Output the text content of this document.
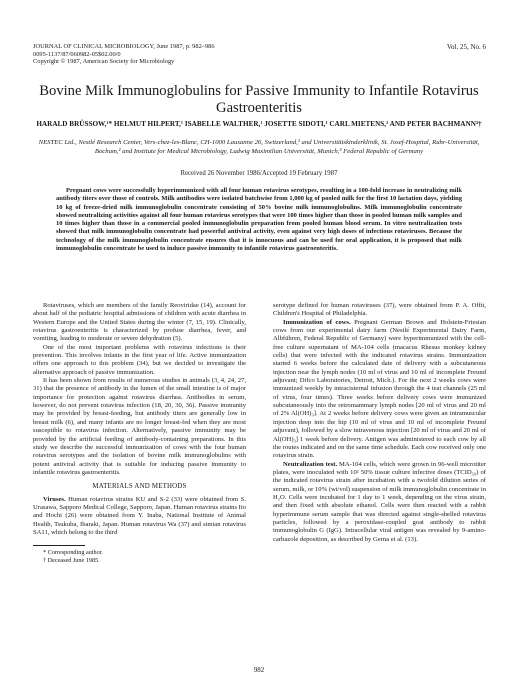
JOURNAL OF CLINICAL MICROBIOLOGY, June 1987, p. 982–986
0095-1137/87/060982-05$02.00/0
Copyright © 1987, American Society for Microbiology
Vol. 25, No. 6
Bovine Milk Immunoglobulins for Passive Immunity to Infantile Rotavirus Gastroenteritis
HARALD BRÜSSOW,¹* HELMUT HILPERT,¹ ISABELLE WALTHER,¹ JOSETTE SIDOTI,¹ CARL MIETENS,² AND PETER BACHMANN³†
NESTEC Ltd., Nestlé Research Center, Vers-chez-les-Blanc, CH-1000 Lausanne 26, Switzerland,¹ and Universitätskinderklinik, St. Josef-Hospital, Ruhr-Universität, Bochum,² and Institute for Medical Microbiology, Ludwig Maximilian Universität, Munich,³ Federal Republic of Germany
Received 26 November 1986/Accepted 19 February 1987

Pregnant cows were successfully hyperimmunized with all four human rotavirus serotypes, resulting in a 100-fold increase in neutralizing milk antibody titers over those of controls. Milk antibodies were isolated batchwise from 1,000 kg of pooled milk for the first 10 lactation days, yielding 10 kg of freeze-dried milk immunoglobulin concentrate consisting of 50% bovine milk immunoglobulins. Milk immunoglobulin concentrate showed neutralizing activities against all four human rotavirus serotypes that were 100 times higher than those in pooled human milk samples and 10 times higher than those in a commercial pooled immunoglobulin preparation from pooled human blood serum. In vitro neutralization tests showed that milk immunoglobulin concentrate had powerful antiviral activity, even against very high doses of infectious rotaviruses. Because the technology of the milk immunoglobulin concentrate ensures that it is innocuous and can be used for oral application, it is proposed that milk immunoglobulin concentrate be used to induce passive immunity to infantile rotavirus gastroenteritis.

Rotaviruses, which are members of the family Reoviridae (14), account for about half of the pediatric hospital admissions of children with acute diarrhea in Western Europe and the United States during the winter (7, 15, 19). Clinically, rotavirus gastroenteritis is characterized by profuse diarrhea, fever, and vomiting, leading to moderate or severe dehydration (5).

One of the most important problems with rotavirus infections is their prevention. This involves infants in the first year of life. Active immunization offers one approach to this problem (34), but we decided to investigate the alternative approach of passive immunization.

It has been shown from results of numerous studies in animals (3, 4, 24, 27, 31) that the presence of antibody in the lumen of the small intestine is of major importance for protection against rotavirus diarrhea. Antibodies in serum, however, do not prevent rotavirus infection (18, 20, 30, 36). Passive immunity may be provided by breast-feeding, but antibody titers are generally low in breast milk (6), and many infants are no longer breast-fed when they are most susceptible to rotavirus infection. Alternatively, passive immunity may be provided by the artificial feeding of antibody-containing preparations. In this study we describe the successful immunization of cows with the four human rotavirus serotypes and the isolation of bovine milk immunoglobulins with potent antiviral activity that is suitable for inducing passive immunity to infantile rotavirus gastroenteritis.

MATERIALS AND METHODS

Viruses. Human rotavirus strains KU and S-2 (33) were obtained from S. Urasawa, Sapporo Medical College, Sapporo, Japan. Human rotavirus strains Ito and Hochi (26) were obtained from Y. Inaba, National Institute of Animal Health, Tsukuba, Ibaraki, Japan. Human rotavirus Wa (37) and simian rotavirus SA11, which belong to the third

* Corresponding author.

† Deceased June 1985.

serotype defined for human rotaviruses (37), were obtained from P. A. Offit, Children's Hospital of Philadelphia.

Immunization of cows. Pregnant German Brown and Holstein-Friesian cows from our experimental dairy farm (Nestlé Experimental Dairy Farm, Albführen, Federal Republic of Germany) were hyperimmunized with the cell-free culture supernatant of MA-104 cells (macacus Rhesus monkey kidney cells) that were infected with the indicated rotavirus strains. Immunization started 6 weeks before the calculated date of delivery with a subcutaneous injection near the lymph nodes (10 ml of virus and 10 ml of incomplete Freund adjuvant; Difco Laboratories, Detroit, Mich.). For the next 2 weeks cows were immunized weekly by intracisternal infusion through the 4 teat channels (25 ml of virus, four times). Three weeks before delivery cows were immunized subcutaneously into the retromammary lymph nodes [20 ml of virus and 20 ml of 2% Al(OH)₃]. At 2 weeks before delivery cows were given an intramuscular injection deep into the hip (10 ml of virus and 10 ml of incomplete Freund adjuvant), followed by a slow intravenous injection [20 ml of virus and 20 ml of Al(OH)₃] 1 week before delivery. Antigen was administered to each cow by all the routes indicated and on the same time schedule. Each cow received only one rotavirus strain.

Neutralization test. MA-104 cells, which were grown in 96-well microtiter plates, were inoculated with 10² 50% tissue culture infective doses (TCID₅₀) of the indicated rotavirus strain after incubation with a twofold dilution series of serum, milk, or 10% (wt/vol) suspension of milk immunoglobulin concentrate in H₂O. Cells were incubated for 1 day to 1 week, depending on the virus strain, and then fixed with absolute ethanol. Cells were then reacted with a rabbit hyperimmune serum sample that was directed against single-shelled rotavirus particles, followed by a peroxidase-coupled goat antibody to rabbit immunoglobulin G (IgG). Intracellular viral antigen was revealed by 9-amino-carbazole deposition, as described by Gerna et al. (13).

982
